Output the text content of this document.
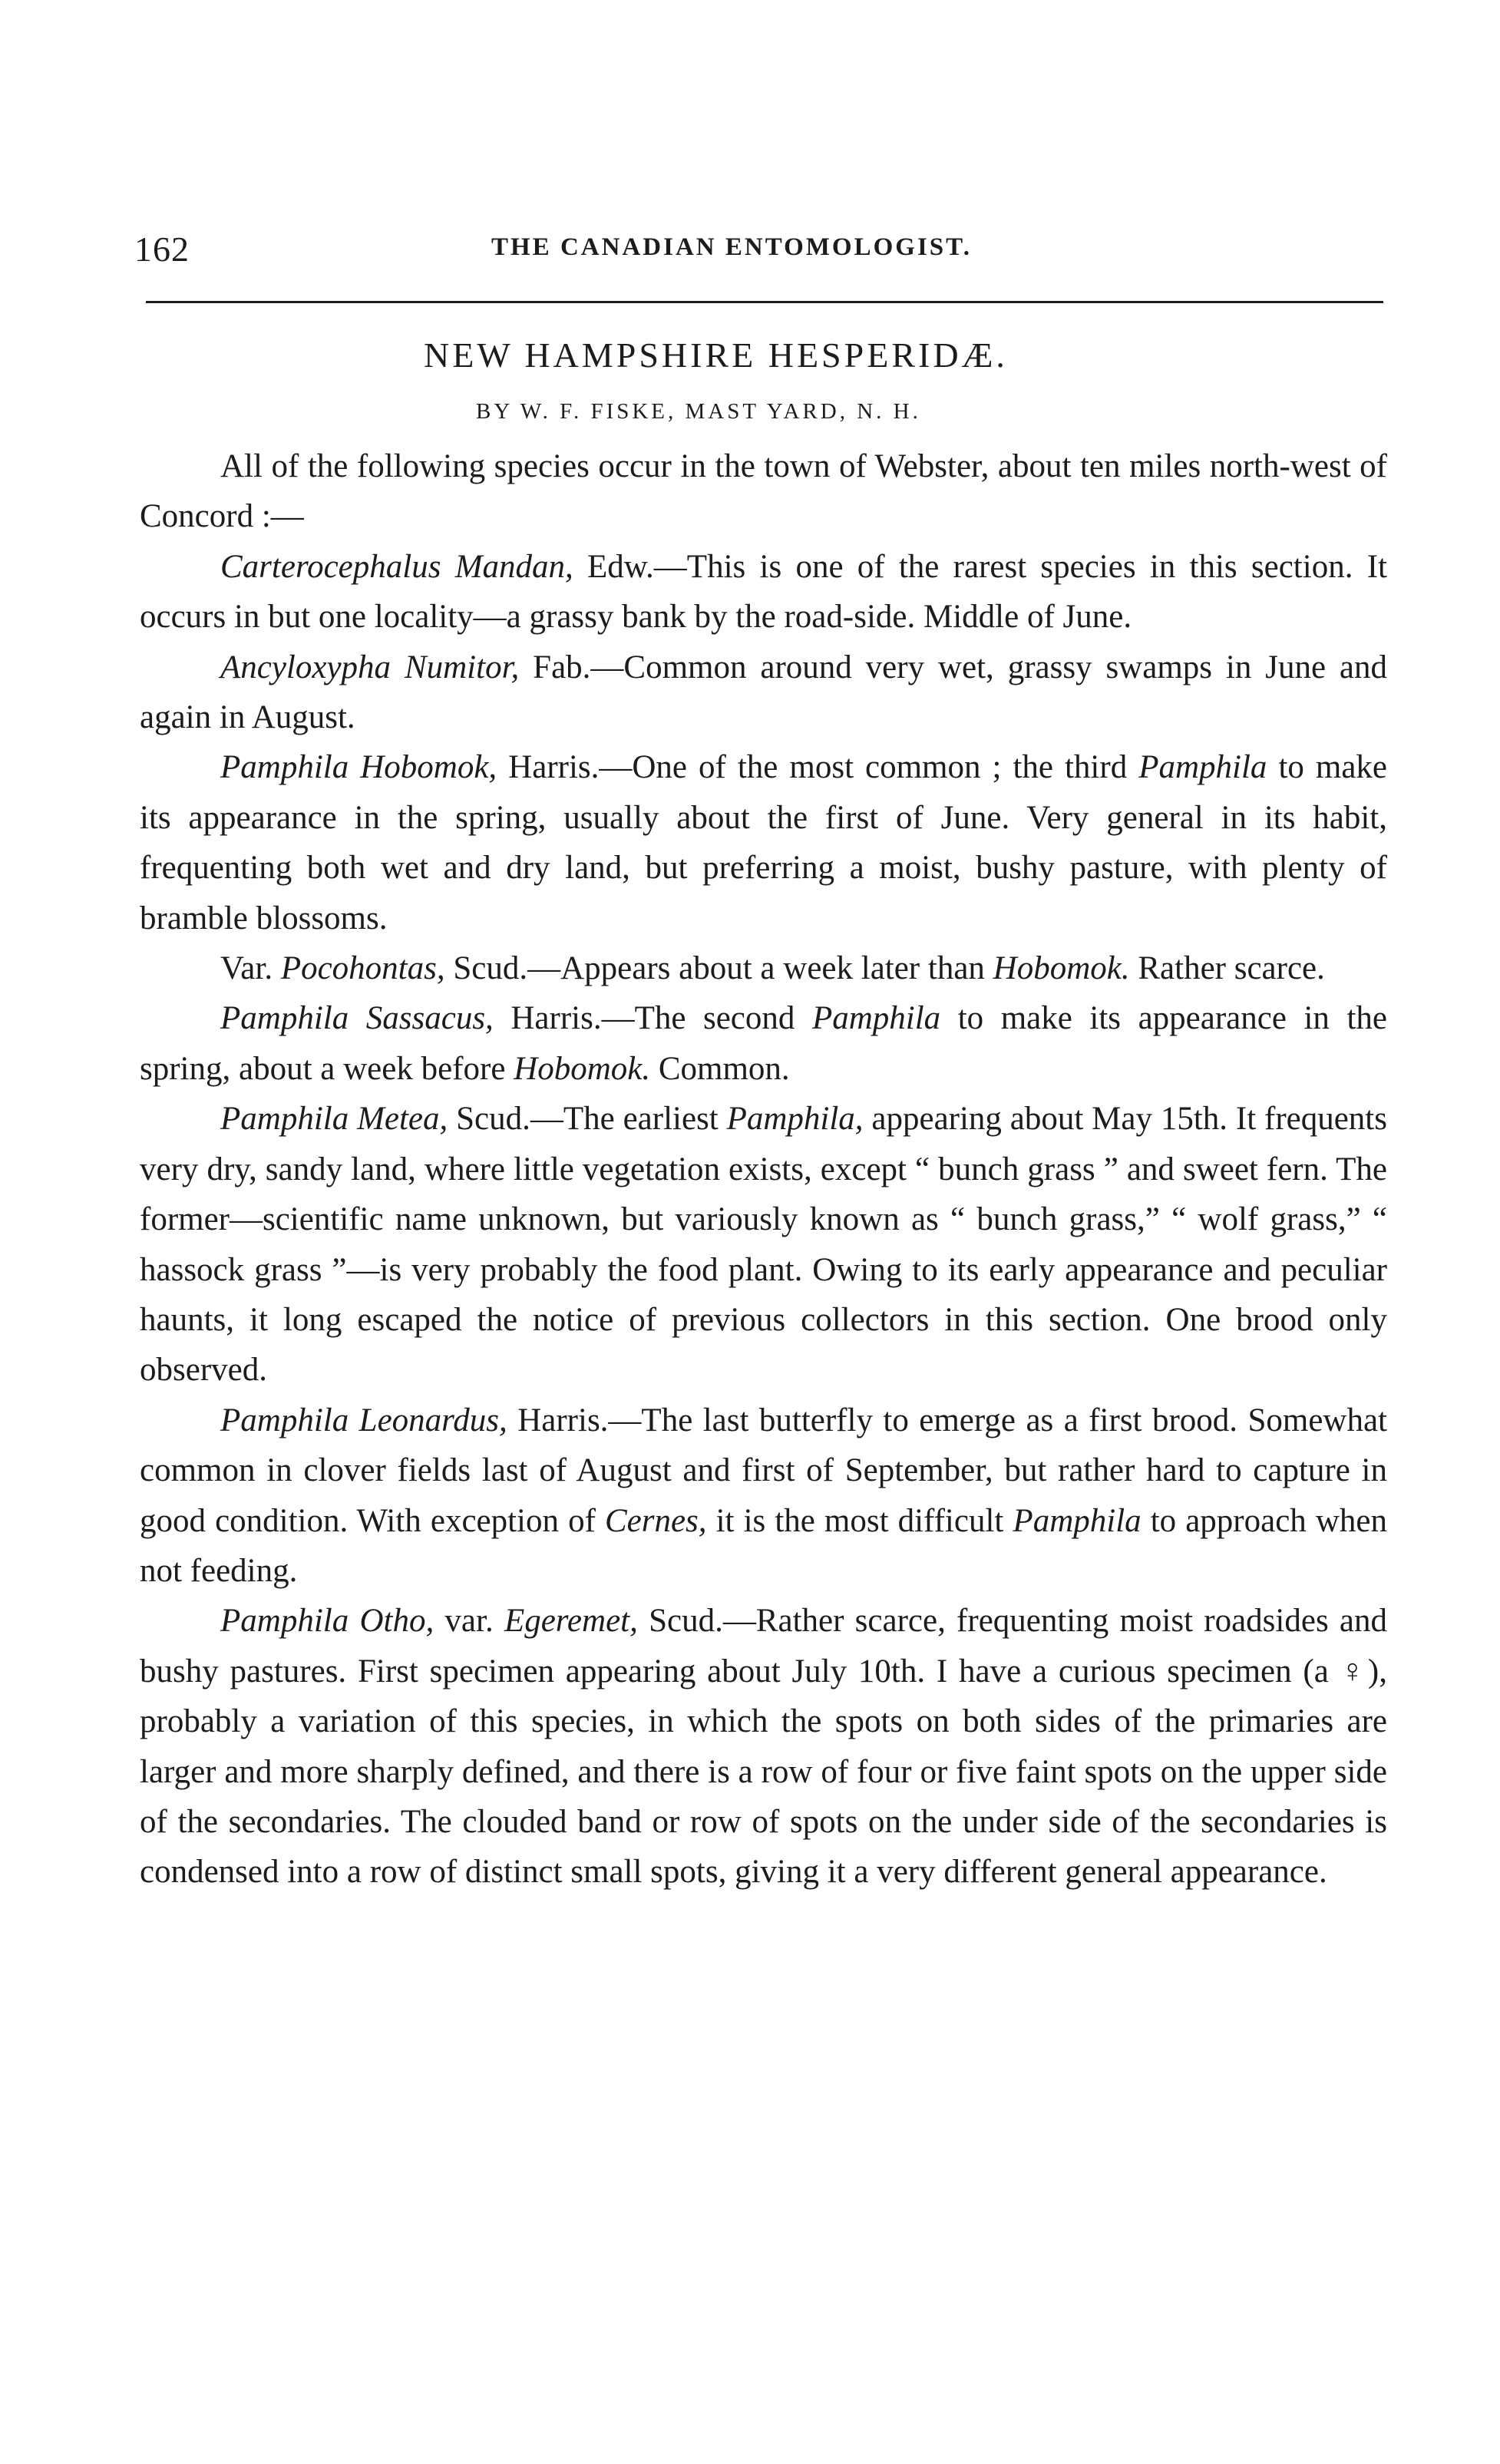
162	THE CANADIAN ENTOMOLOGIST.
NEW HAMPSHIRE HESPERIDÆ.
BY W. F. FISKE, MAST YARD, N. H.

All of the following species occur in the town of Webster, about ten miles north-west of Concord :—

Carterocephalus Mandan, Edw.—This is one of the rarest species in this section. It occurs in but one locality—a grassy bank by the road-side. Middle of June.

Ancyloxypha Numitor, Fab.—Common around very wet, grassy swamps in June and again in August.

Pamphila Hobomok, Harris.—One of the most common ; the third Pamphila to make its appearance in the spring, usually about the first of June. Very general in its habit, frequenting both wet and dry land, but preferring a moist, bushy pasture, with plenty of bramble blossoms.

Var. Pocohontas, Scud.—Appears about a week later than Hobomok. Rather scarce.

Pamphila Sassacus, Harris.—The second Pamphila to make its appearance in the spring, about a week before Hobomok. Common.

Pamphila Metea, Scud.—The earliest Pamphila, appearing about May 15th. It frequents very dry, sandy land, where little vegetation exists, except “ bunch grass ” and sweet fern. The former—scientific name unknown, but variously known as “ bunch grass,” “ wolf grass,” “ hassock grass ”—is very probably the food plant. Owing to its early appearance and peculiar haunts, it long escaped the notice of previous collectors in this section. One brood only observed.

Pamphila Leonardus, Harris.—The last butterfly to emerge as a first brood. Somewhat common in clover fields last of August and first of September, but rather hard to capture in good condition. With exception of Cernes, it is the most difficult Pamphila to approach when not feeding.

Pamphila Otho, var. Egeremet, Scud.—Rather scarce, frequenting moist roadsides and bushy pastures. First specimen appearing about July 10th. I have a curious specimen (a ♀), probably a variation of this species, in which the spots on both sides of the primaries are larger and more sharply defined, and there is a row of four or five faint spots on the upper side of the secondaries. The clouded band or row of spots on the under side of the secondaries is condensed into a row of distinct small spots, giving it a very different general appearance.
